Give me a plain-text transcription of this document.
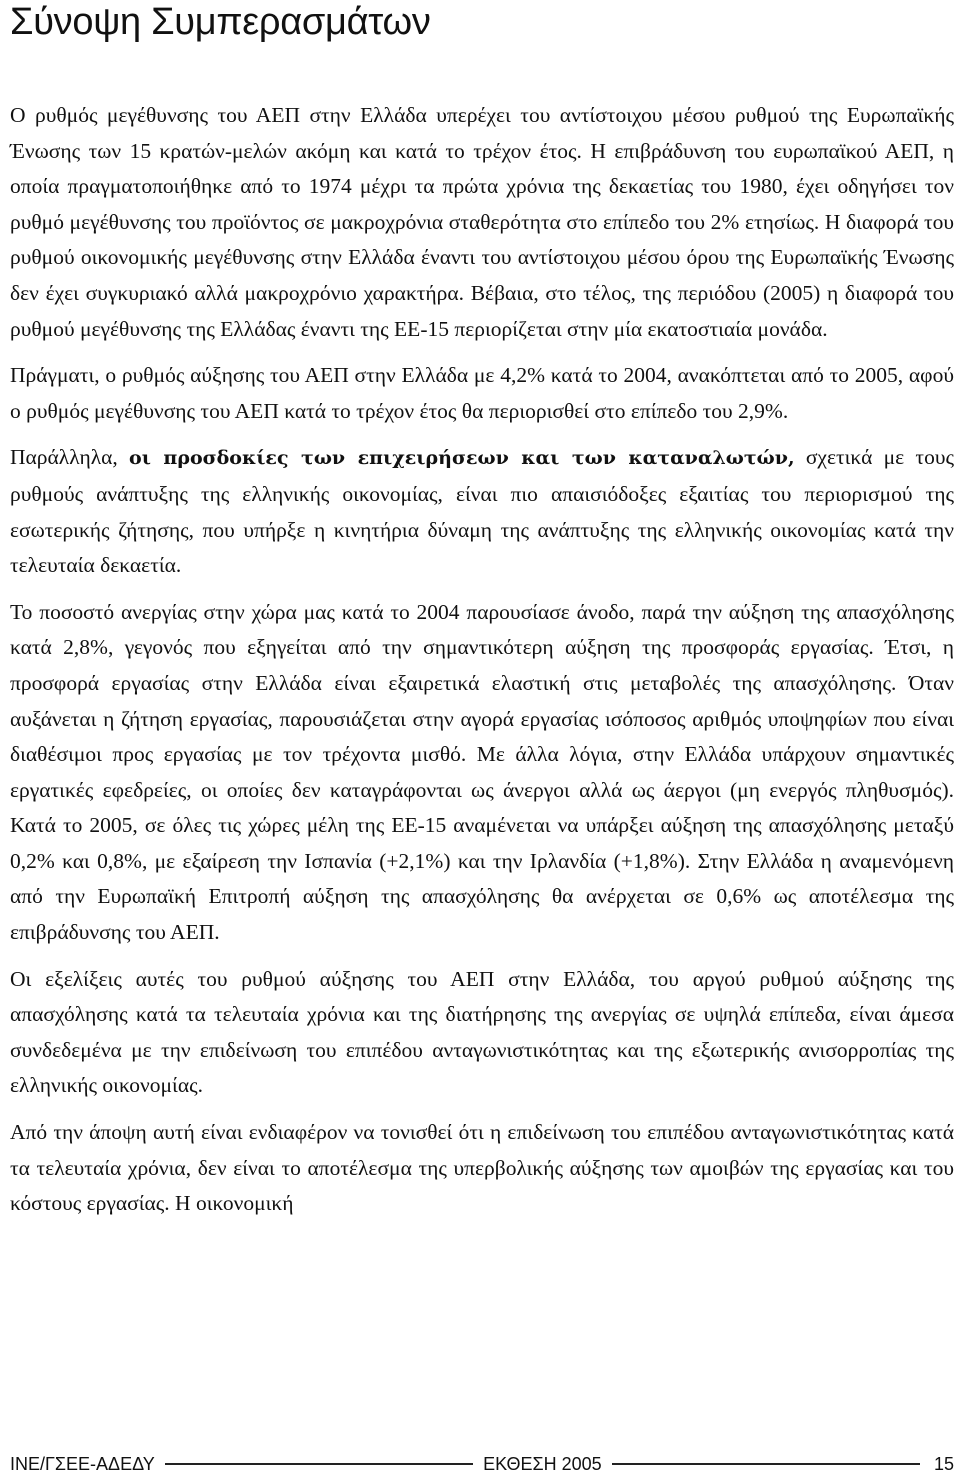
Σύνοψη Συμπερασμάτων

Ο ρυθμός μεγέθυνσης του ΑΕΠ στην Ελλάδα υπερέχει του αντίστοιχου μέσου ρυθμού της Ευρωπαϊκής Ένωσης των 15 κρατών-μελών ακόμη και κατά το τρέχον έτος. Η επιβράδυνση του ευρωπαϊκού ΑΕΠ, η οποία πραγματοποιήθηκε από το 1974 μέχρι τα πρώτα χρόνια της δεκαετίας του 1980, έχει οδηγήσει τον ρυθμό μεγέθυνσης του προϊόντος σε μακροχρόνια σταθερότητα στο επίπεδο του 2% ετησίως. Η διαφορά του ρυθμού οικονομικής μεγέθυνσης στην Ελλάδα έναντι του αντίστοιχου μέσου όρου της Ευρωπαϊκής Ένωσης δεν έχει συγκυριακό αλλά μακροχρόνιο χαρακτήρα. Βέβαια, στο τέλος, της περιόδου (2005) η διαφορά του ρυθμού μεγέθυνσης της Ελλάδας έναντι της ΕΕ-15 περιορίζεται στην μία εκατοστιαία μονάδα.

Πράγματι, ο ρυθμός αύξησης του ΑΕΠ στην Ελλάδα με 4,2% κατά το 2004, ανακόπτεται από το 2005, αφού ο ρυθμός μεγέθυνσης του ΑΕΠ κατά το τρέχον έτος θα περιορισθεί στο επίπεδο του 2,9%.

Παράλληλα, οι προσδοκίες των επιχειρήσεων και των καταναλωτών, σχετικά με τους ρυθμούς ανάπτυξης της ελληνικής οικονομίας, είναι πιο απαισιόδοξες εξαιτίας του περιορισμού της εσωτερικής ζήτησης, που υπήρξε η κινητήρια δύναμη της ανάπτυξης της ελληνικής οικονομίας κατά την τελευταία δεκαετία.

Το ποσοστό ανεργίας στην χώρα μας κατά το 2004 παρουσίασε άνοδο, παρά την αύξηση της απασχόλησης κατά 2,8%, γεγονός που εξηγείται από την σημαντικότερη αύξηση της προσφοράς εργασίας. Έτσι, η προσφορά εργασίας στην Ελλάδα είναι εξαιρετικά ελαστική στις μεταβολές της απασχόλησης. Όταν αυξάνεται η ζήτηση εργασίας, παρουσιάζεται στην αγορά εργασίας ισόποσος αριθμός υποψηφίων που είναι διαθέσιμοι προς εργασίας με τον τρέχοντα μισθό. Με άλλα λόγια, στην Ελλάδα υπάρχουν σημαντικές εργατικές εφεδρείες, οι οποίες δεν καταγράφονται ως άνεργοι αλλά ως άεργοι (μη ενεργός πληθυσμός). Κατά το 2005, σε όλες τις χώρες μέλη της ΕΕ-15 αναμένεται να υπάρξει αύξηση της απασχόλησης μεταξύ 0,2% και 0,8%, με εξαίρεση την Ισπανία (+2,1%) και την Ιρλανδία (+1,8%). Στην Ελλάδα η αναμενόμενη από την Ευρωπαϊκή Επιτροπή αύξηση της απασχόλησης θα ανέρχεται σε 0,6% ως αποτέλεσμα της επιβράδυνσης του ΑΕΠ.

Οι εξελίξεις αυτές του ρυθμού αύξησης του ΑΕΠ στην Ελλάδα, του αργού ρυθμού αύξησης της απασχόλησης κατά τα τελευταία χρόνια και της διατήρησης της ανεργίας σε υψηλά επίπεδα, είναι άμεσα συνδεδεμένα με την επιδείνωση του επιπέδου ανταγωνιστικότητας και της εξωτερικής ανισορροπίας της ελληνικής οικονομίας.

Από την άποψη αυτή είναι ενδιαφέρον να τονισθεί ότι η επιδείνωση του επιπέδου ανταγωνιστικότητας κατά τα τελευταία χρόνια, δεν είναι το αποτέλεσμα της υπερβολικής αύξησης των αμοιβών της εργασίας και του κόστους εργασίας. Η οικονομική

ΙΝΕ/ΓΣΕΕ-ΑΔΕΔΥ	ΕΚΘΕΣΗ 2005	15
